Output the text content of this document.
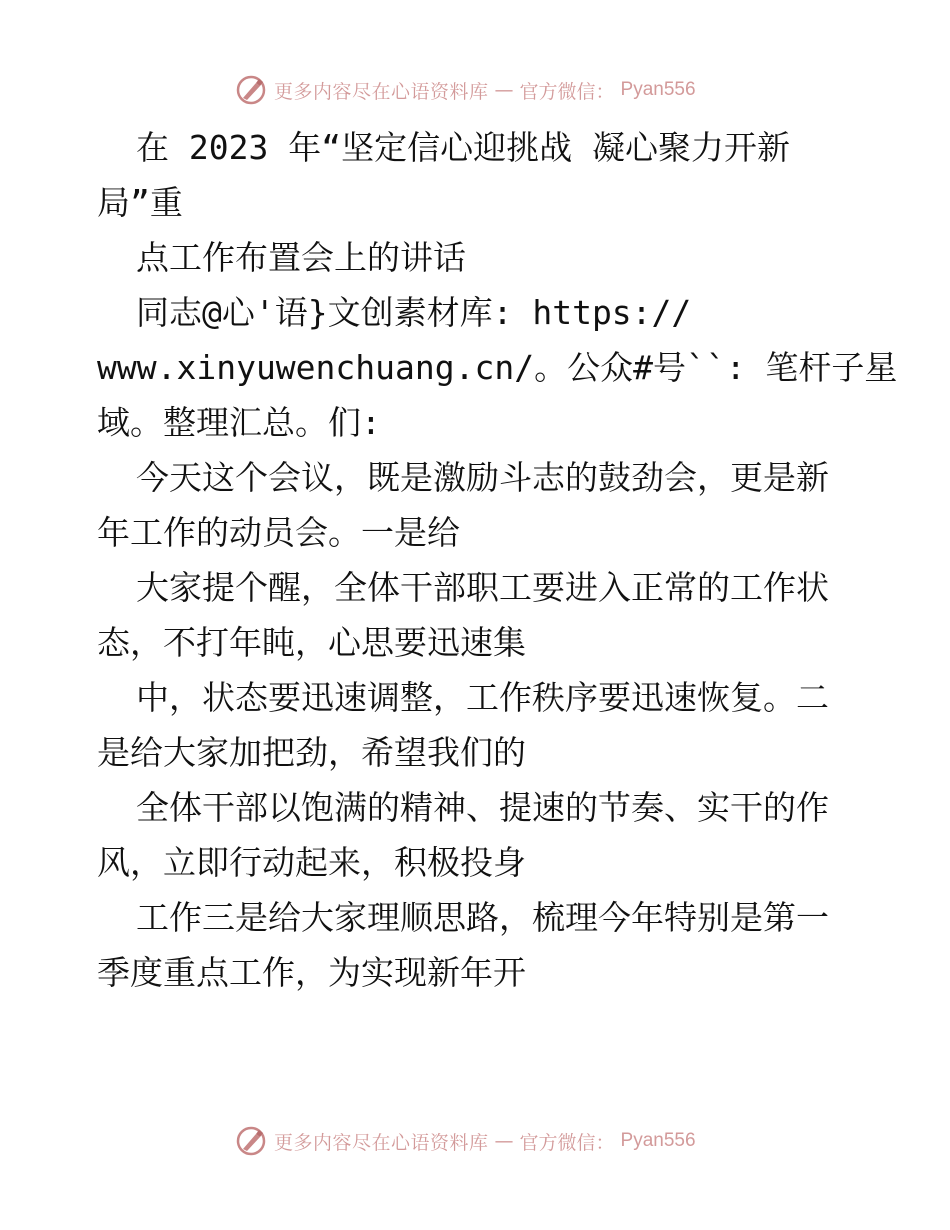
更多内容尽在心语资料库 — 官方微信： Pyan556
在 2023 年“坚定信心迎挑战 凝心聚力开新
局”重
点工作布置会上的讲话
同志@心'语}文创素材库: https://
www.xinyuwenchuang.cn/。公众#号``: 笔杆子星
域。整理汇总。们:
今天这个会议，既是激励斗志的鼓劲会，更是新
年工作的动员会。一是给
大家提个醒，全体干部职工要进入正常的工作状
态，不打年盹，心思要迅速集
中，状态要迅速调整，工作秩序要迅速恢复。二
是给大家加把劲，希望我们的
全体干部以饱满的精神、提速的节奏、实干的作
风，立即行动起来，积极投身
工作三是给大家理顺思路，梳理今年特别是第一
季度重点工作，为实现新年开
更多内容尽在心语资料库 — 官方微信： Pyan556
